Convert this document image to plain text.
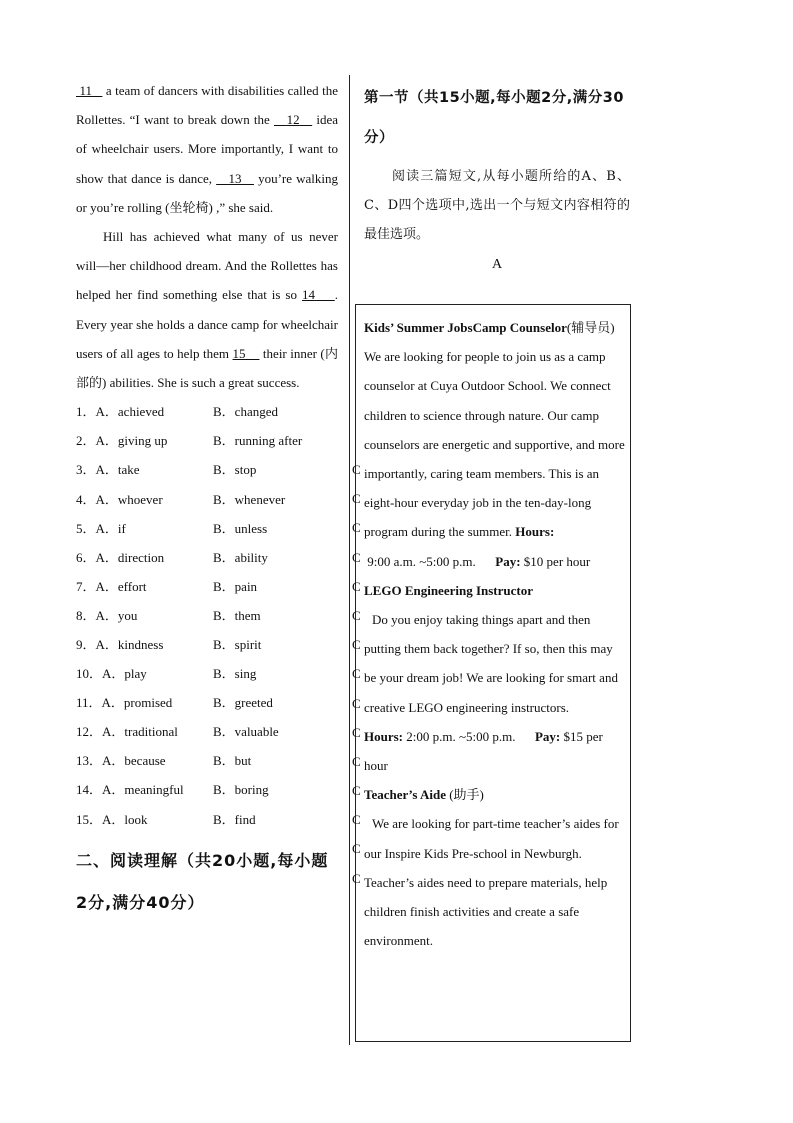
11    a team of dancers with disabilities called the Rollettes. “I want to break down the    12    idea of wheelchair users. More importantly, I want to show that dance is dance,    13    you’re walking or you’re rolling (坐轮椅) ,” she said.

Hill has achieved what many of us never will—her childhood dream. And the Rollettes has helped her find something else that is so 14 . Every year she holds a dance camp for wheelchair users of all ages to help them 15     their inner (内部的) abilities. She is such a great success.

1．A．achieved	B．changed
2．A．giving up	B．running after
3．A．take	B．stop
4．A．whoever	B．whenever
5．A．if	B．unless
6．A．direction	B．ability
7．A．effort	B．pain
8．A．you	B．them
9．A．kindness	B．spirit
10．A．play	B．sing
11．A．promised	B．greeted
12．A．traditional	B．valuable
13．A．because	B．but
14．A．meaningful B．boring
15．A．look	B．find
二、阅读理解（共20小题,每小题2分,满分40分）
第一节（共15小题,每小题2分,满分30分）
阅读三篇短文,从每小题所给的A、B、C、D四个选项中,选出一个与短文内容相符的最佳选项。
A

Kids’ Summer JobsCamp Counselor(辅导员)

We are looking for people to join us as a camp counselor at Cuya Outdoor School. We connect children to science through nature. Our camp counselors are energetic and supportive, and more importantly, caring team members. This is an eight-hour everyday job in the ten-day-long program during the summer. Hours: 9:00 a.m. ~5:00 p.m.      Pay: $10 per hour

LEGO Engineering Instructor

Do you enjoy taking things apart and then putting them back together? If so, then this may be your dream job! We are looking for smart and creative LEGO engineering instructors.

Hours: 2:00 p.m. ~5:00 p.m.      Pay: $15 per hour

Teacher’s Aide (助手)

We are looking for part-time teacher’s aides for our Inspire Kids Pre-school in Newburgh. Teacher’s aides need to prepare materials, help children finish activities and create a safe environment.

C
C
C
C
C
C
C
C
C
C
C
C
C
C
C
